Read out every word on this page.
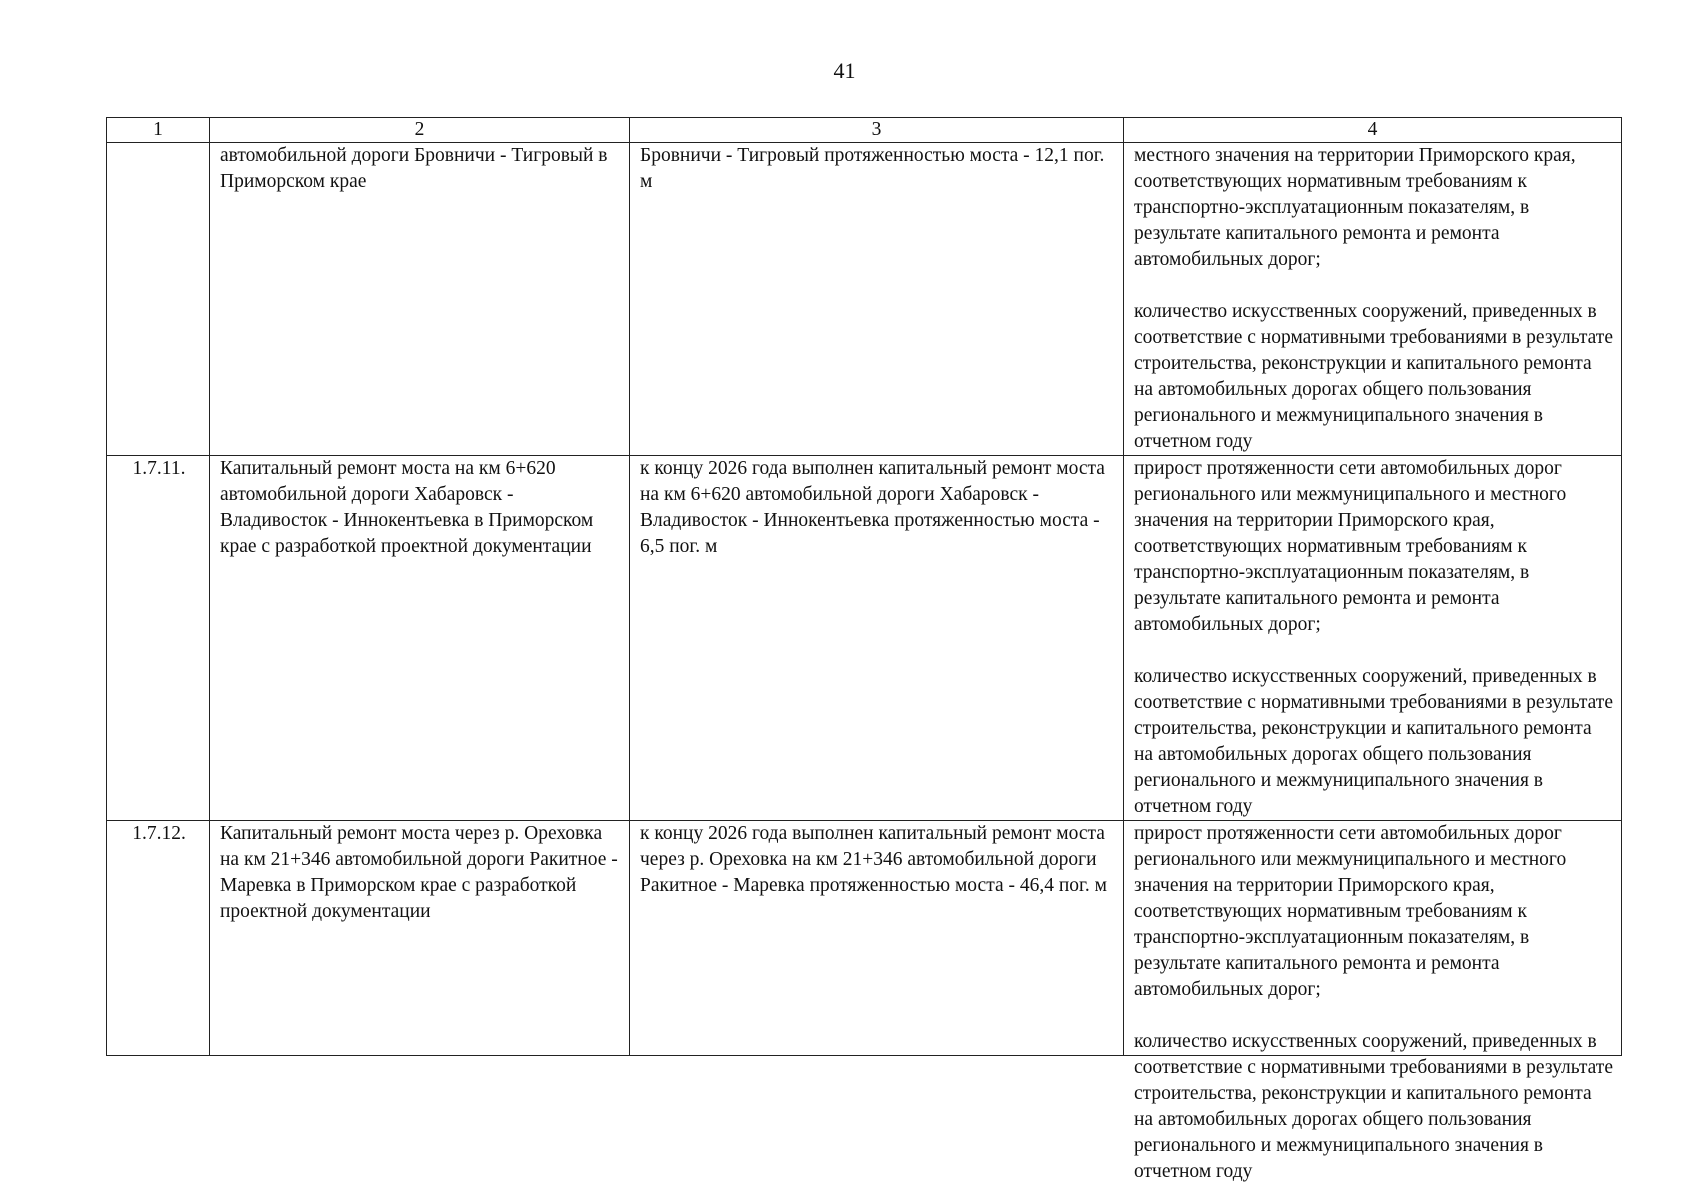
41
1	2	3	4

	автомобильной дороги Бровничи - Тигровый в Приморском крае	Бровничи - Тигровый протяженностью моста - 12,1 пог. м	местного значения на территории Приморского края, соответствующих нормативным требованиям к транспортно-эксплуатационным показателям, в результате капитального ремонта и ремонта автомобильных дорог;

количество искусственных сооружений, приведенных в соответствие с нормативными требованиями в результате строительства, реконструкции и капитального ремонта на автомобильных дорогах общего пользования регионального и межмуниципального значения в отчетном году

1.7.11.	Капитальный ремонт моста на км 6+620 автомобильной дороги Хабаровск - Владивосток - Иннокентьевка в Приморском крае с разработкой проектной документации	к концу 2026 года выполнен капитальный ремонт моста на км 6+620 автомобильной дороги Хабаровск - Владивосток - Иннокентьевка протяженностью моста - 6,5 пог. м	прирост протяженности сети автомобильных дорог регионального или межмуниципального и местного значения на территории Приморского края, соответствующих нормативным требованиям к транспортно-эксплуатационным показателям, в результате капитального ремонта и ремонта автомобильных дорог;

количество искусственных сооружений, приведенных в соответствие с нормативными требованиями в результате строительства, реконструкции и капитального ремонта на автомобильных дорогах общего пользования регионального и межмуниципального значения в отчетном году

1.7.12.	Капитальный ремонт моста через р. Ореховка на км 21+346 автомобильной дороги Ракитное - Маревка в Приморском крае с разработкой проектной документации	к концу 2026 года выполнен капитальный ремонт моста через р. Ореховка на км 21+346 автомобильной дороги Ракитное - Маревка протяженностью моста - 46,4 пог. м	прирост протяженности сети автомобильных дорог регионального или межмуниципального и местного значения на территории Приморского края, соответствующих нормативным требованиям к транспортно-эксплуатационным показателям, в результате капитального ремонта и ремонта автомобильных дорог;

количество искусственных сооружений, приведенных в соответствие с нормативными требованиями в результате строительства, реконструкции и капитального ремонта на автомобильных дорогах общего пользования регионального и межмуниципального значения в отчетном году
